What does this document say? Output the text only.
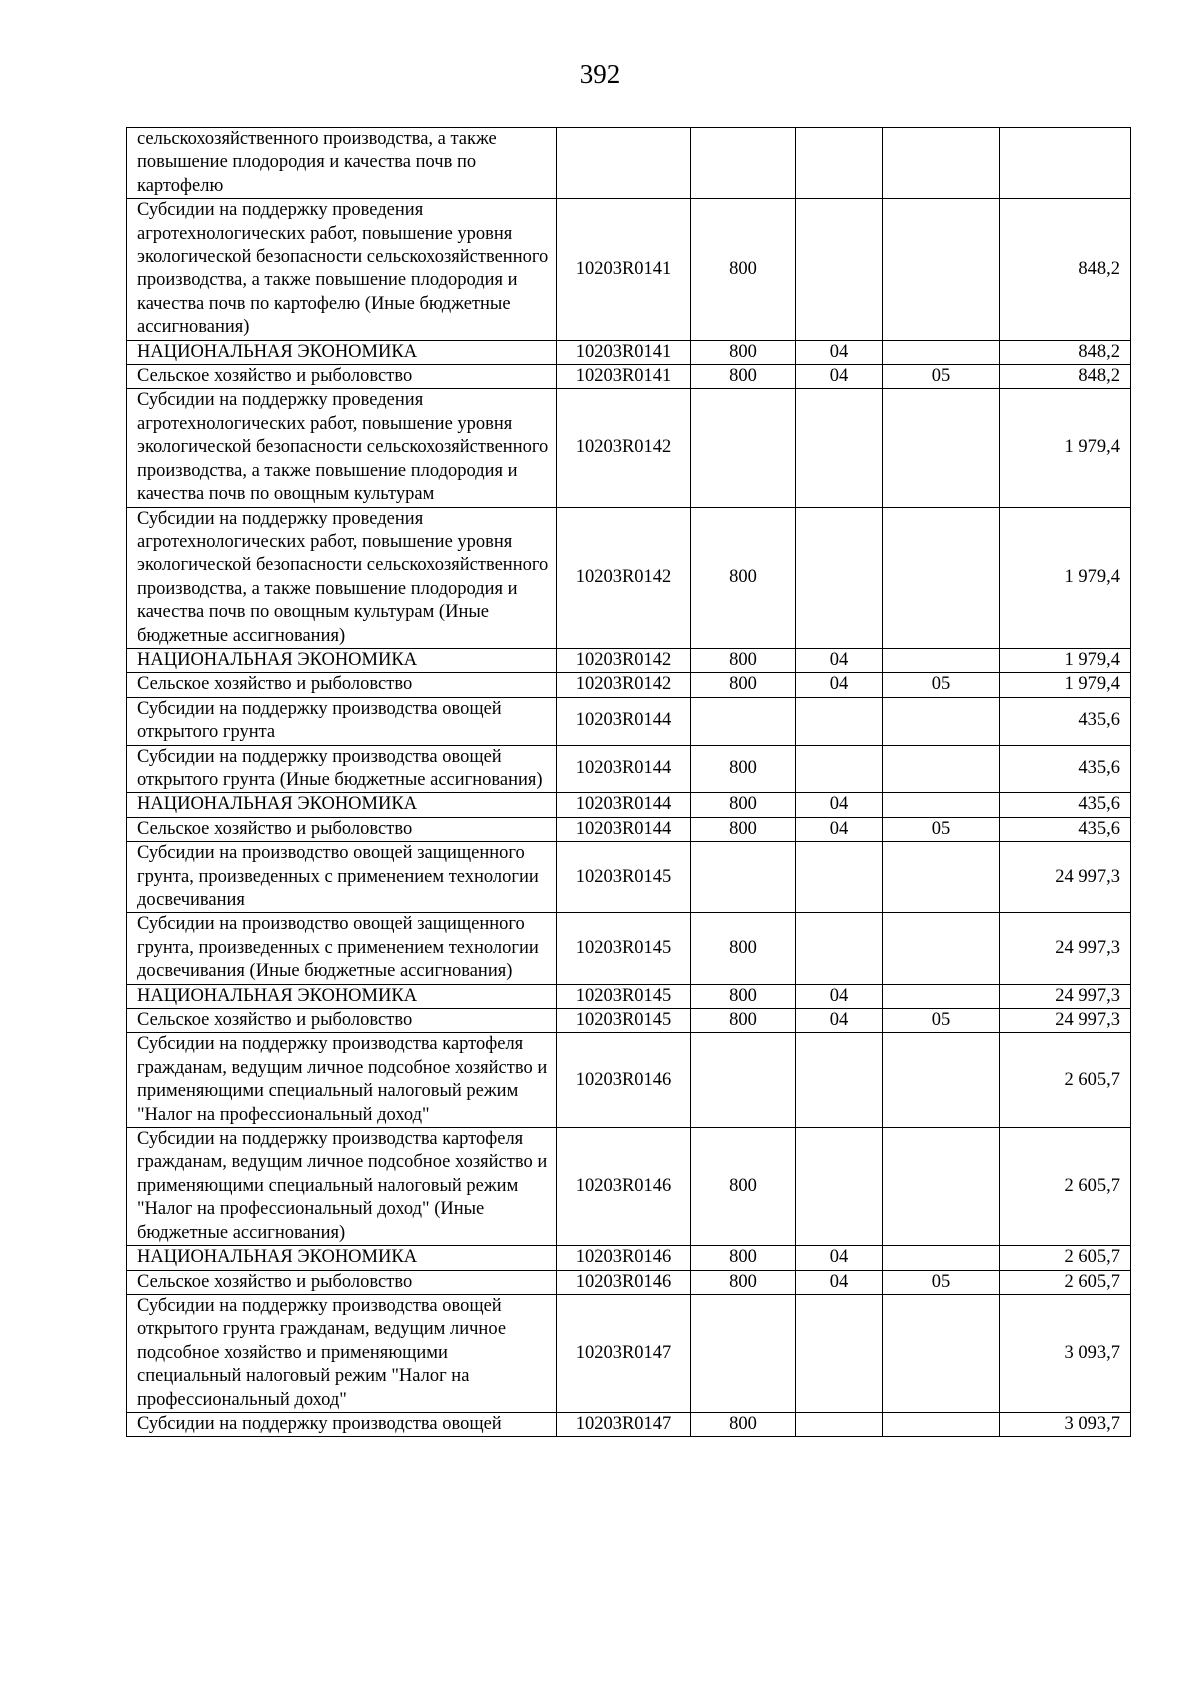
392
сельскохозяйственного производства, а также повышение плодородия и качества почв по картофелю					
Субсидии на поддержку проведения агротехнологических работ, повышение уровня экологической безопасности сельскохозяйственного производства, а также повышение плодородия и качества почв по картофелю (Иные бюджетные ассигнования)	10203R0141	800			848,2
НАЦИОНАЛЬНАЯ ЭКОНОМИКА	10203R0141	800	04		848,2
Сельское хозяйство и рыболовство	10203R0141	800	04	05	848,2
Субсидии на поддержку проведения агротехнологических работ, повышение уровня экологической безопасности сельскохозяйственного производства, а также повышение плодородия и качества почв по овощным культурам	10203R0142				1 979,4
Субсидии на поддержку проведения агротехнологических работ, повышение уровня экологической безопасности сельскохозяйственного производства, а также повышение плодородия и качества почв по овощным культурам (Иные бюджетные ассигнования)	10203R0142	800			1 979,4
НАЦИОНАЛЬНАЯ ЭКОНОМИКА	10203R0142	800	04		1 979,4
Сельское хозяйство и рыболовство	10203R0142	800	04	05	1 979,4
Субсидии на поддержку производства овощей открытого грунта	10203R0144				435,6
Субсидии на поддержку производства овощей открытого грунта (Иные бюджетные ассигнования)	10203R0144	800			435,6
НАЦИОНАЛЬНАЯ ЭКОНОМИКА	10203R0144	800	04		435,6
Сельское хозяйство и рыболовство	10203R0144	800	04	05	435,6
Субсидии на производство овощей защищенного грунта, произведенных с применением технологии досвечивания	10203R0145				24 997,3
Субсидии на производство овощей защищенного грунта, произведенных с применением технологии досвечивания (Иные бюджетные ассигнования)	10203R0145	800			24 997,3
НАЦИОНАЛЬНАЯ ЭКОНОМИКА	10203R0145	800	04		24 997,3
Сельское хозяйство и рыболовство	10203R0145	800	04	05	24 997,3
Субсидии на поддержку производства картофеля гражданам, ведущим личное подсобное хозяйство и применяющими специальный налоговый режим "Налог на профессиональный доход"	10203R0146				2 605,7
Субсидии на поддержку производства картофеля гражданам, ведущим личное подсобное хозяйство и применяющими специальный налоговый режим "Налог на профессиональный доход" (Иные бюджетные ассигнования)	10203R0146	800			2 605,7
НАЦИОНАЛЬНАЯ ЭКОНОМИКА	10203R0146	800	04		2 605,7
Сельское хозяйство и рыболовство	10203R0146	800	04	05	2 605,7
Субсидии на поддержку производства овощей открытого грунта гражданам, ведущим личное подсобное хозяйство и применяющими специальный налоговый режим "Налог на профессиональный доход"	10203R0147				3 093,7
Субсидии на поддержку производства овощей	10203R0147	800			3 093,7
